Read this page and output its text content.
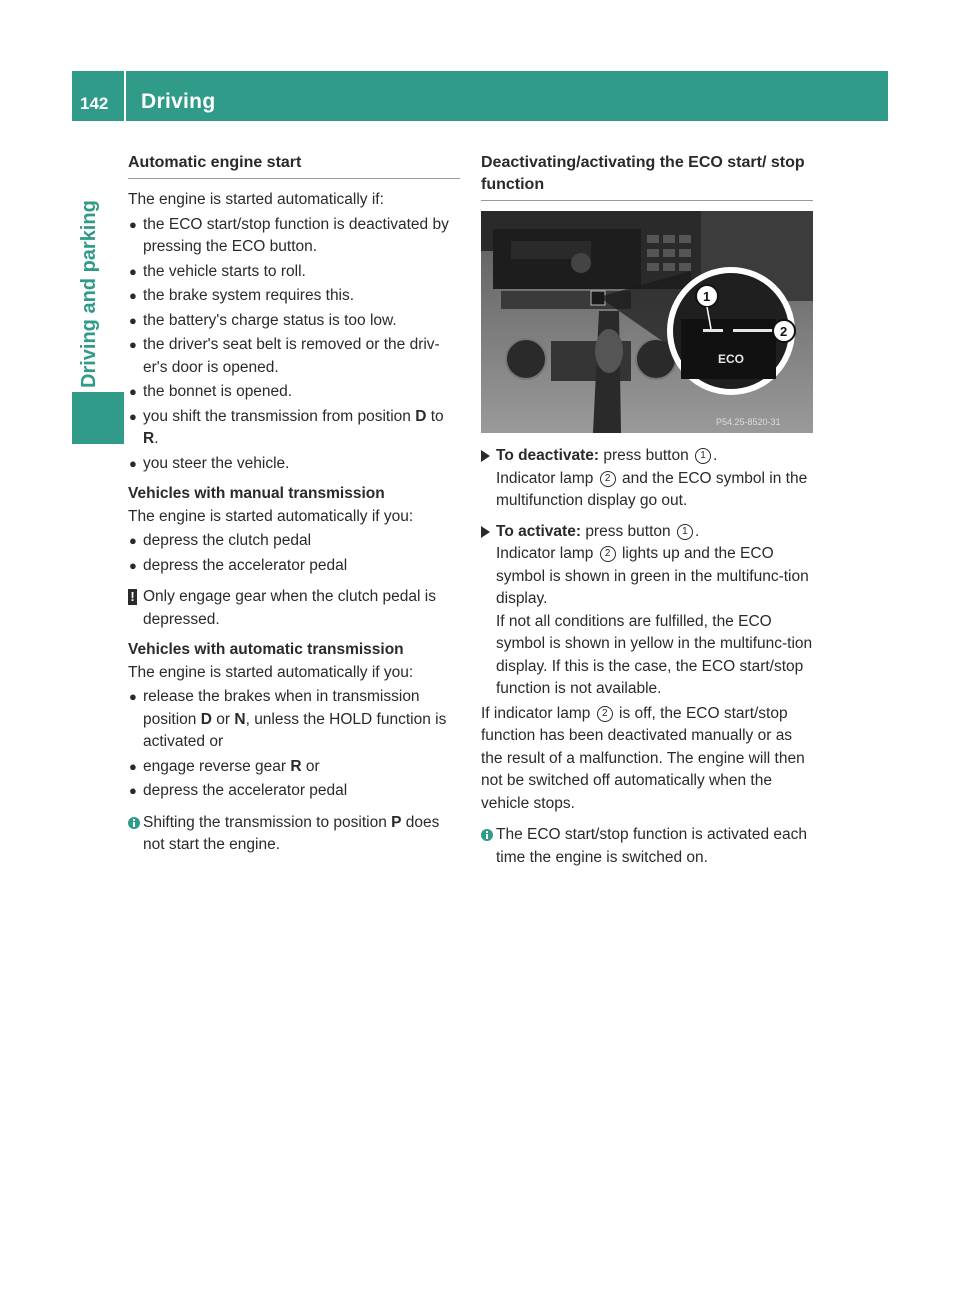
142 Driving
Driving and parking
Automatic engine start

The engine is started automatically if:

● the ECO start/stop function is deactivated by pressing the ECO button.
● the vehicle starts to roll.
● the brake system requires this.
● the battery's charge status is too low.
● the driver's seat belt is removed or the driv-er's door is opened.
● the bonnet is opened.
● you shift the transmission from position D to R.
● you steer the vehicle.
Vehicles with manual transmission

The engine is started automatically if you:

● depress the clutch pedal
● depress the accelerator pedal
! Only engage gear when the clutch pedal is depressed.
Vehicles with automatic transmission

The engine is started automatically if you:

● release the brakes when in transmission position D or N, unless the HOLD function is activated or
● engage reverse gear R or
● depress the accelerator pedal
Shifting the transmission to position P does not start the engine.
Deactivating/activating the ECO start/ stop function
ECO
1
2
P54.25-8520-31
To deactivate: press button 1 .

Indicator lamp 2 and the ECO symbol in the multifunction display go out.

To activate: press button 1 .

Indicator lamp 2 lights up and the ECO symbol is shown in green in the multifunc-tion display.

If not all conditions are fulfilled, the ECO symbol is shown in yellow in the multifunc-tion display. If this is the case, the ECO start/stop function is not available.

If indicator lamp 2 is off, the ECO start/stop function has been deactivated manually or as the result of a malfunction. The engine will then not be switched off automatically when the vehicle stops.

The ECO start/stop function is activated each time the engine is switched on.
